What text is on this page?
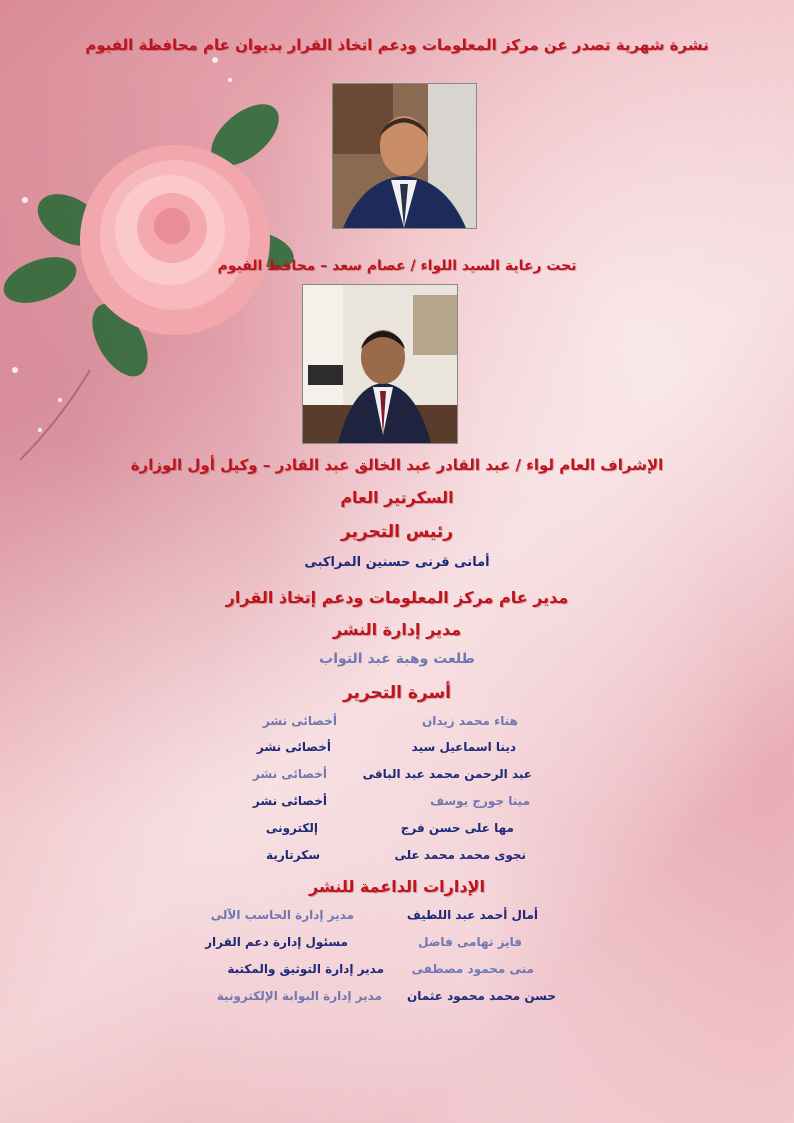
نشرة شهرية تصدر عن مركز المعلومات ودعم اتخاذ القرار بديوان عام محافظة الفيوم
تحت رعاية السيد اللواء / عصام سعد – محافظ الفيوم
الإشراف العام لواء / عبد القادر عبد الخالق عبد القادر – وكيل أول الوزارة
السكرتير العام
رئيس التحرير
أمانى قرنى حسنين المراكبى
مدير عام مركز المعلومات ودعم إتخاذ القرار
مدير إدارة النشر
طلعت وهبة عبد التواب
أسرة التحرير
هناء محمد زيدان
أخصائى نشر
دينا اسماعيل سيد
أخصائى نشر
عبد الرحمن محمد عبد الباقى
أخصائى نشر
مينا جورج يوسف
أخصائى نشر
مها على حسن فرج
إلكترونى
نجوى محمد محمد على
سكرتارية
الإدارات الداعمة للنشر
أمال أحمد عبد اللطيف
مدير إدارة الحاسب الآلى
فايز تهامى فاضل
مسئول إدارة دعم القرار
منى محمود مصطفى
مدير إدارة التوثيق والمكتبة
حسن محمد محمود عثمان
مدير إدارة البوابة الإلكترونية
